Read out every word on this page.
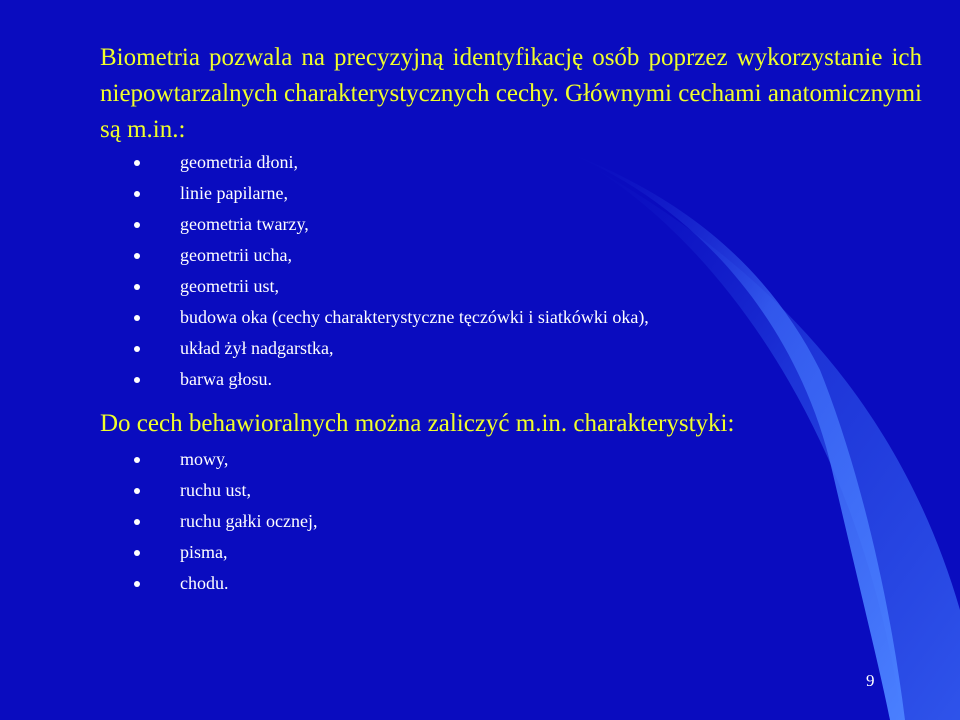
Biometria pozwala na precyzyjną identyfikację osób poprzez wykorzystanie ich niepowtarzalnych charakterystycznych cechy. Głównymi cechami anatomicznymi są m.in.:

geometria dłoni,
linie papilarne,
geometria twarzy,
geometrii ucha,
geometrii ust,
budowa oka (cechy charakterystyczne tęczówki i siatkówki oka),
układ żył nadgarstka,
barwa głosu.

Do cech behawioralnych można zaliczyć m.in. charakterystyki:

mowy,
ruchu ust,
ruchu gałki ocznej,
pisma,
chodu.
9
